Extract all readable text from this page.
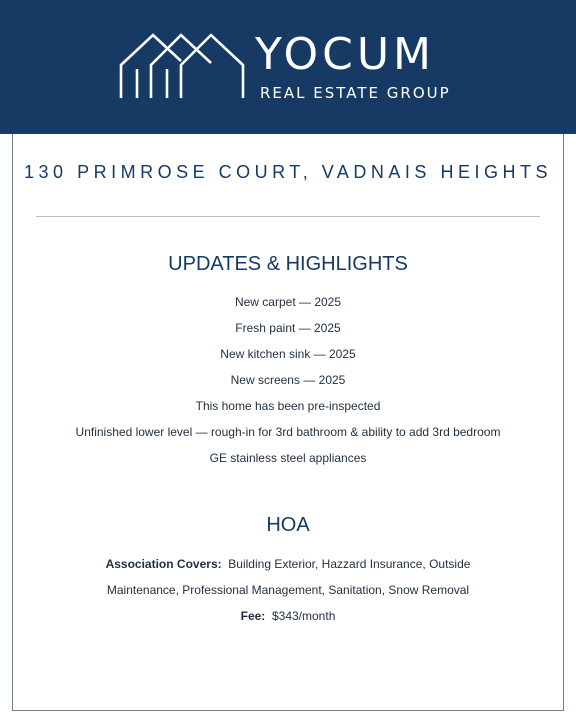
YOCUM
REAL ESTATE GROUP
130 PRIMROSE COURT, VADNAIS HEIGHTS
UPDATES & HIGHLIGHTS
New carpet — 2025
Fresh paint — 2025
New kitchen sink — 2025
New screens — 2025
This home has been pre-inspected
Unfinished lower level — rough-in for 3rd bathroom & ability to add 3rd bedroom
GE stainless steel appliances
HOA
Association Covers: Building Exterior, Hazzard Insurance, Outside
Maintenance, Professional Management, Sanitation, Snow Removal
Fee: $343/month
